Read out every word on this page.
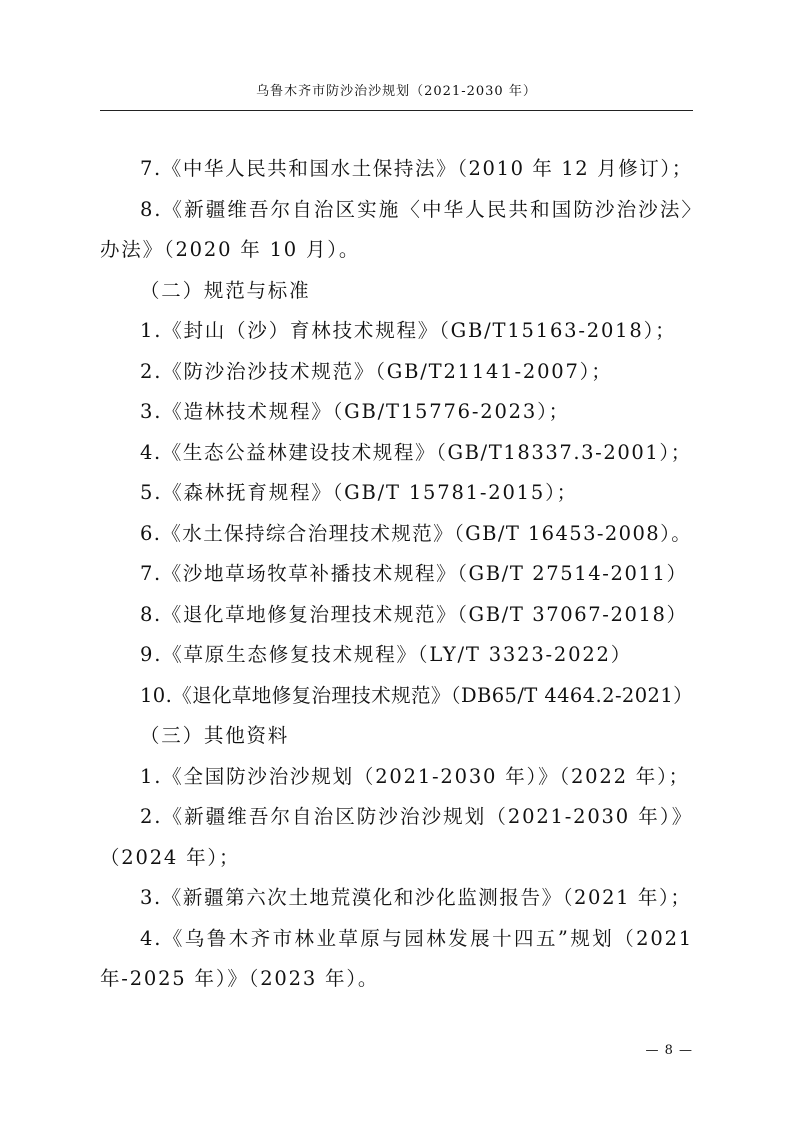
乌鲁木齐市防沙治沙规划（2021-2030 年）

7.《中华人民共和国水土保持法》（2010 年 12 月修订）；

8.《新疆维吾尔自治区实施〈中华人民共和国防沙治沙法〉办法》（2020 年 10 月）。

（二）规范与标准

1.《封山（沙）育林技术规程》（GB/T15163-2018）；

2.《防沙治沙技术规范》（GB/T21141-2007）；

3.《造林技术规程》（GB/T15776-2023）；

4.《生态公益林建设技术规程》（GB/T18337.3-2001）；

5.《森林抚育规程》（GB/T 15781-2015）；

6.《水土保持综合治理技术规范》（GB/T 16453-2008）。

7.《沙地草场牧草补播技术规程》（GB/T 27514-2011）

8.《退化草地修复治理技术规范》（GB/T 37067-2018）

9.《草原生态修复技术规程》（LY/T 3323-2022）

10.《退化草地修复治理技术规范》（DB65/T 4464.2-2021）

（三）其他资料

1.《全国防沙治沙规划（2021-2030 年）》（2022 年）；

2.《新疆维吾尔自治区防沙治沙规划（2021-2030 年）》（2024 年）；

3.《新疆第六次土地荒漠化和沙化监测报告》（2021 年）；

4.《乌鲁木齐市林业草原与园林发展十四五”规划（2021 年-2025 年）》（2023 年）。

— 8 —
